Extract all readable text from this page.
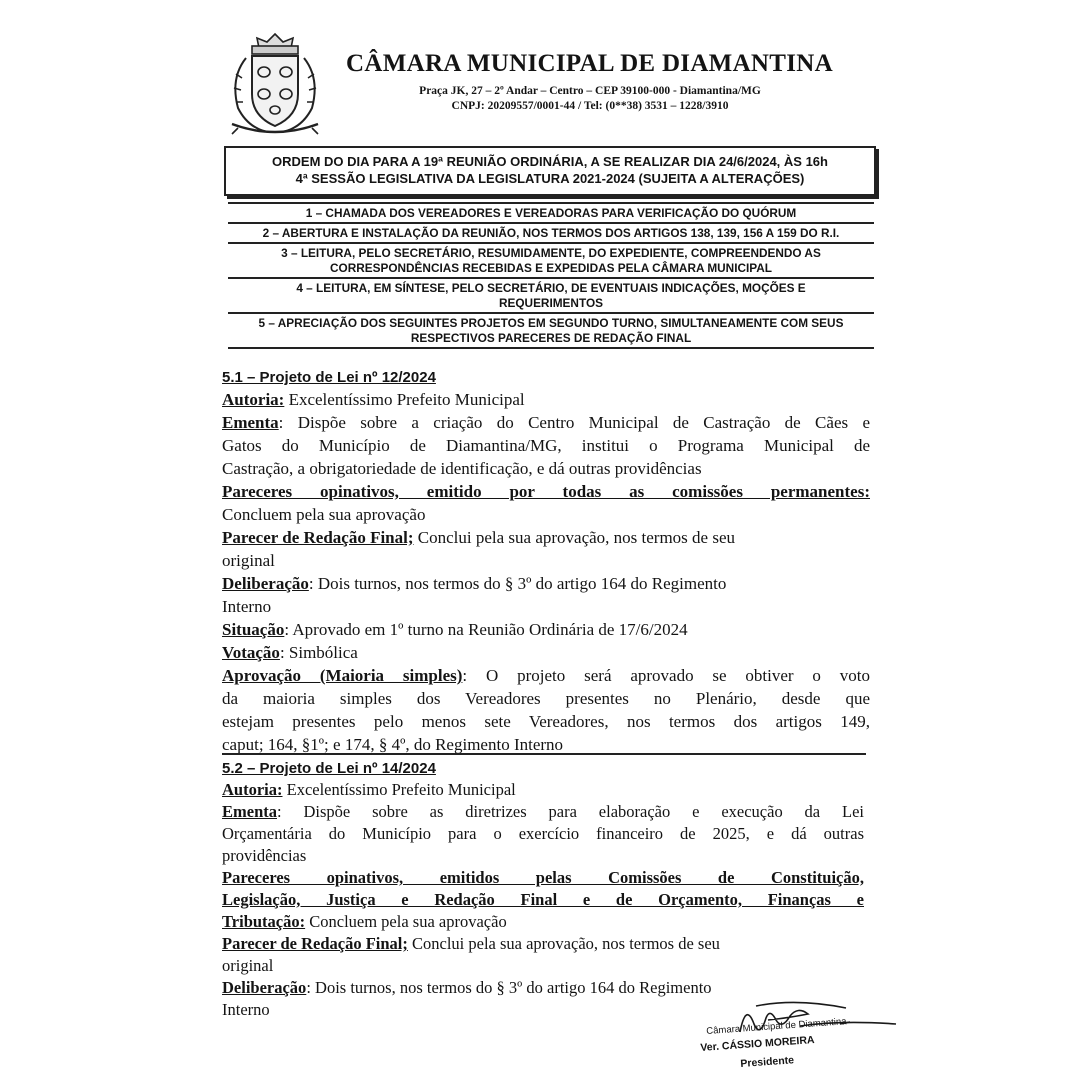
CÂMARA MUNICIPAL DE DIAMANTINA
Praça JK, 27 – 2º Andar – Centro – CEP 39100-000 - Diamantina/MG
CNPJ: 20209557/0001-44 / Tel: (0**38) 3531 – 1228/3910
ORDEM DO DIA PARA A 19ª REUNIÃO ORDINÁRIA, A SE REALIZAR DIA 24/6/2024, ÀS 16h
4ª SESSÃO LEGISLATIVA DA LEGISLATURA 2021-2024 (SUJEITA A ALTERAÇÕES)
1 – CHAMADA DOS VEREADORES E VEREADORAS PARA VERIFICAÇÃO DO QUÓRUM
2 – ABERTURA E INSTALAÇÃO DA REUNIÃO, NOS TERMOS DOS ARTIGOS 138, 139, 156 A 159 DO R.I.
3 – LEITURA, PELO SECRETÁRIO, RESUMIDAMENTE, DO EXPEDIENTE, COMPREENDENDO AS
CORRESPONDÊNCIAS RECEBIDAS E EXPEDIDAS PELA CÂMARA MUNICIPAL
4 – LEITURA, EM SÍNTESE, PELO SECRETÁRIO, DE EVENTUAIS INDICAÇÕES, MOÇÕES E
REQUERIMENTOS
5 – APRECIAÇÃO DOS SEGUINTES PROJETOS EM SEGUNDO TURNO, SIMULTANEAMENTE COM SEUS
RESPECTIVOS PARECERES DE REDAÇÃO FINAL

5.1 – Projeto de Lei nº 12/2024

Autoria: Excelentíssimo Prefeito Municipal

Ementa: Dispõe sobre a criação do Centro Municipal de Castração de Cães e

Gatos do Município de Diamantina/MG, institui o Programa Municipal de

Castração, a obrigatoriedade de identificação, e dá outras providências

Pareceres opinativos, emitido por todas as comissões permanentes:

Concluem pela sua aprovação

Parecer de Redação Final; Conclui pela sua aprovação, nos termos de seu

original

Deliberação: Dois turnos, nos termos do § 3º do artigo 164 do Regimento

Interno

Situação: Aprovado em 1º turno na Reunião Ordinária de 17/6/2024

Votação: Simbólica

Aprovação (Maioria simples): O projeto será aprovado se obtiver o voto

da maioria simples dos Vereadores presentes no Plenário, desde que

estejam presentes pelo menos sete Vereadores, nos termos dos artigos 149,

caput; 164, §1º; e 174, § 4º, do Regimento Interno

5.2 – Projeto de Lei nº 14/2024

Autoria: Excelentíssimo Prefeito Municipal

Ementa: Dispõe sobre as diretrizes para elaboração e execução da Lei

Orçamentária do Município para o exercício financeiro de 2025, e dá outras

providências

Pareceres opinativos, emitidos pelas Comissões de Constituição,

Legislação, Justiça e Redação Final e de Orçamento, Finanças e

Tributação: Concluem pela sua aprovação

Parecer de Redação Final; Conclui pela sua aprovação, nos termos de seu

original

Deliberação: Dois turnos, nos termos do § 3º do artigo 164 do Regimento

Interno

Câmara Municipal de Diamantina
Ver. CÁSSIO MOREIRA
Presidente
